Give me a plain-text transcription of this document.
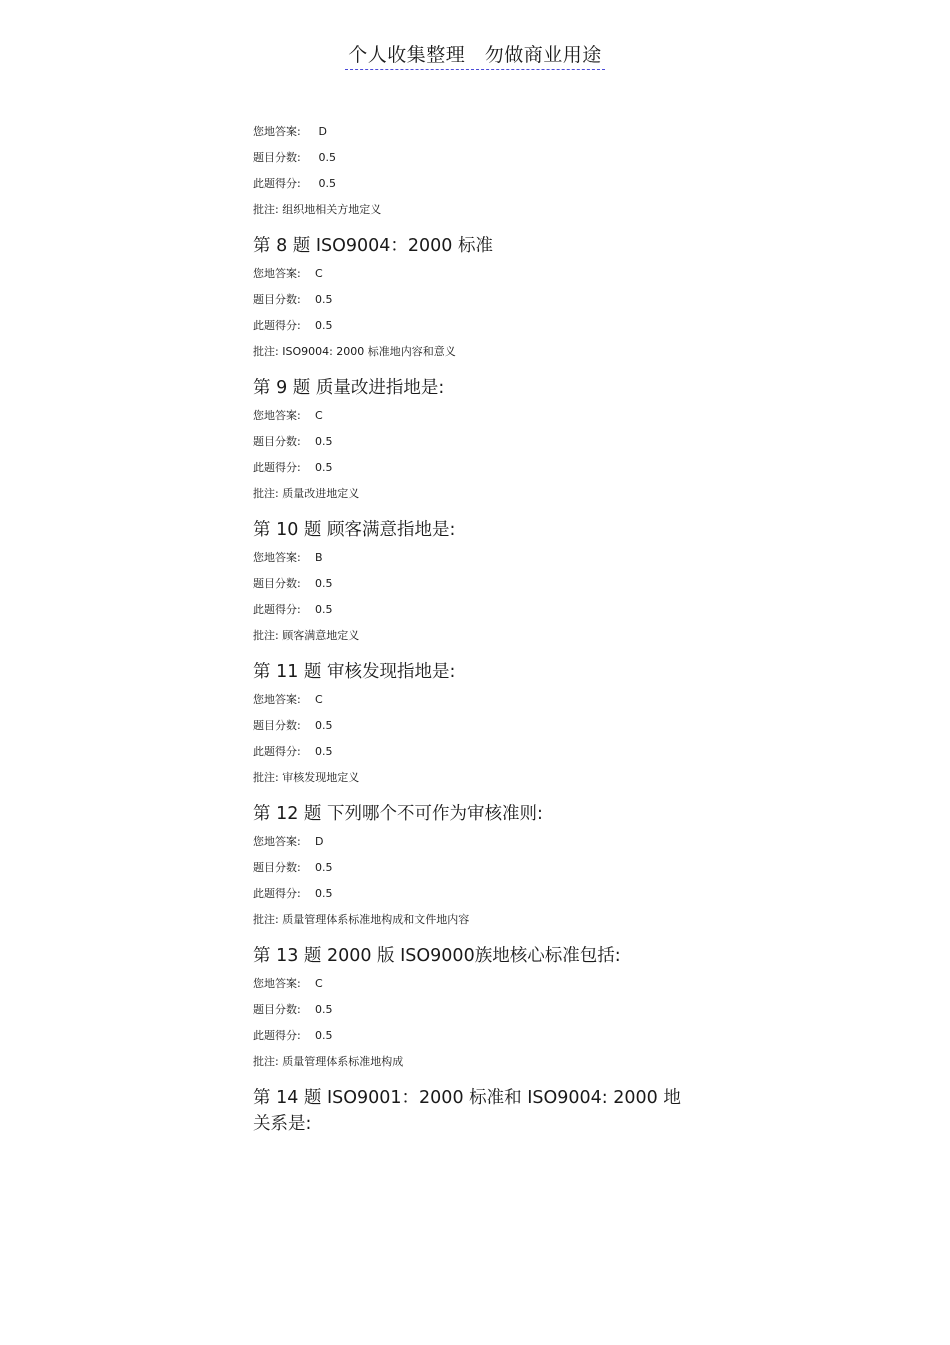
个人收集整理　勿做商业用途
您地答案: D
题目分数: 0.5
此题得分: 0.5
批注: 组织地相关方地定义
第 8 题 ISO9004：2000 标准
您地答案: C
题目分数: 0.5
此题得分: 0.5
批注: ISO9004: 2000 标准地内容和意义
第 9 题 质量改进指地是:
您地答案: C
题目分数: 0.5
此题得分: 0.5
批注: 质量改进地定义
第 10 题 顾客满意指地是:
您地答案: B
题目分数: 0.5
此题得分: 0.5
批注: 顾客满意地定义
第 11 题 审核发现指地是:
您地答案: C
题目分数: 0.5
此题得分: 0.5
批注: 审核发现地定义
第 12 题 下列哪个不可作为审核准则:
您地答案: D
题目分数: 0.5
此题得分: 0.5
批注: 质量管理体系标准地构成和文件地内容
第 13 题 2000 版 ISO9000族地核心标准包括:
您地答案: C
题目分数: 0.5
此题得分: 0.5
批注: 质量管理体系标准地构成
第 14 题 ISO9001：2000 标准和 ISO9004: 2000 地关系是:
